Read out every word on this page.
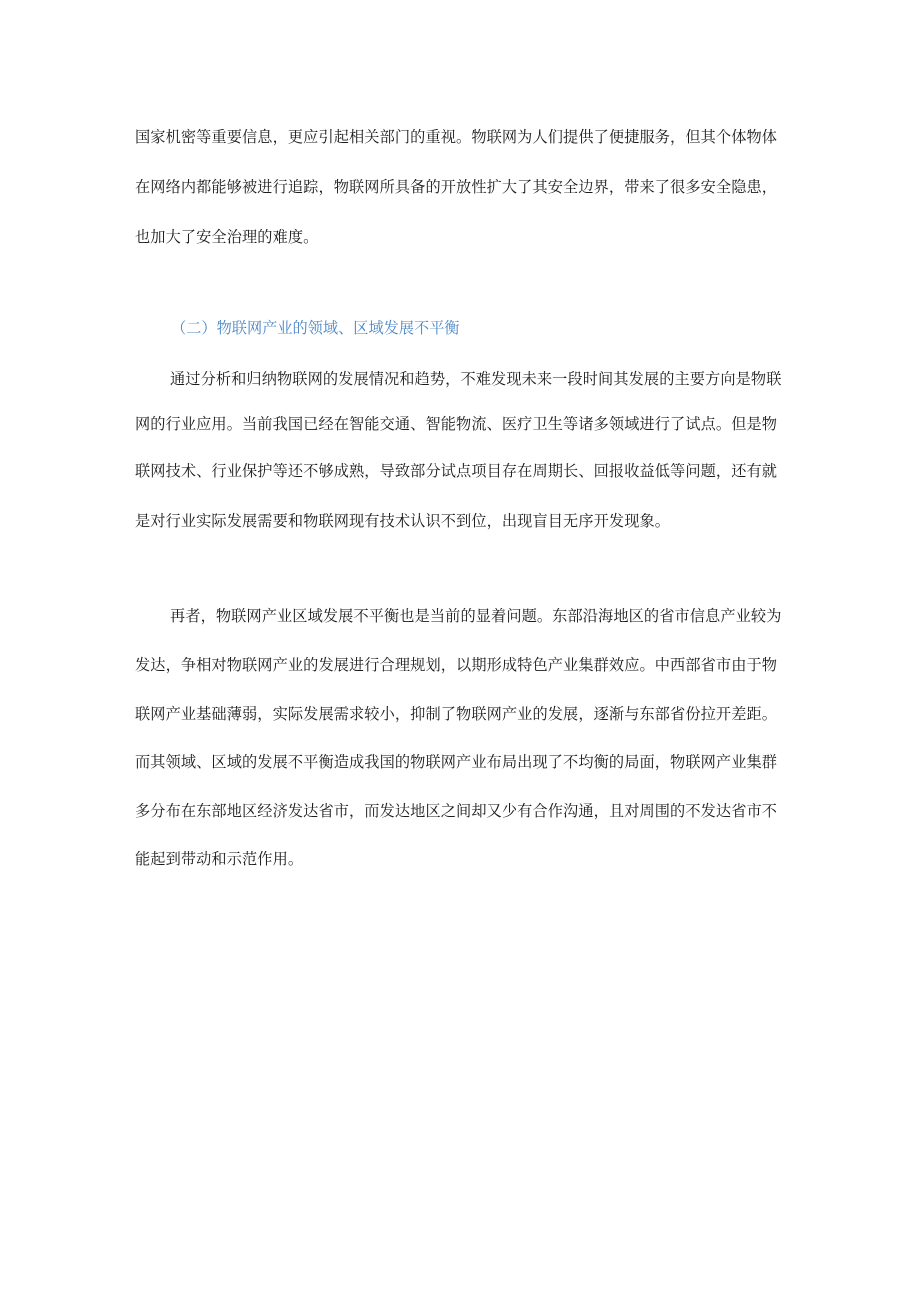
国家机密等重要信息，更应引起相关部门的重视。物联网为人们提供了便捷服务，但其个体物体
在网络内都能够被进行追踪，物联网所具备的开放性扩大了其安全边界，带来了很多安全隐患，
也加大了安全治理的难度。
（二）物联网产业的领域、区域发展不平衡
通过分析和归纳物联网的发展情况和趋势，不难发现未来一段时间其发展的主要方向是物联
网的行业应用。当前我国已经在智能交通、智能物流、医疗卫生等诸多领域进行了试点。但是物
联网技术、行业保护等还不够成熟，导致部分试点项目存在周期长、回报收益低等问题，还有就
是对行业实际发展需要和物联网现有技术认识不到位，出现盲目无序开发现象。
再者，物联网产业区域发展不平衡也是当前的显着问题。东部沿海地区的省市信息产业较为
发达，争相对物联网产业的发展进行合理规划，以期形成特色产业集群效应。中西部省市由于物
联网产业基础薄弱，实际发展需求较小，抑制了物联网产业的发展，逐渐与东部省份拉开差距。
而其领域、区域的发展不平衡造成我国的物联网产业布局出现了不均衡的局面，物联网产业集群
多分布在东部地区经济发达省市，而发达地区之间却又少有合作沟通，且对周围的不发达省市不
能起到带动和示范作用。
